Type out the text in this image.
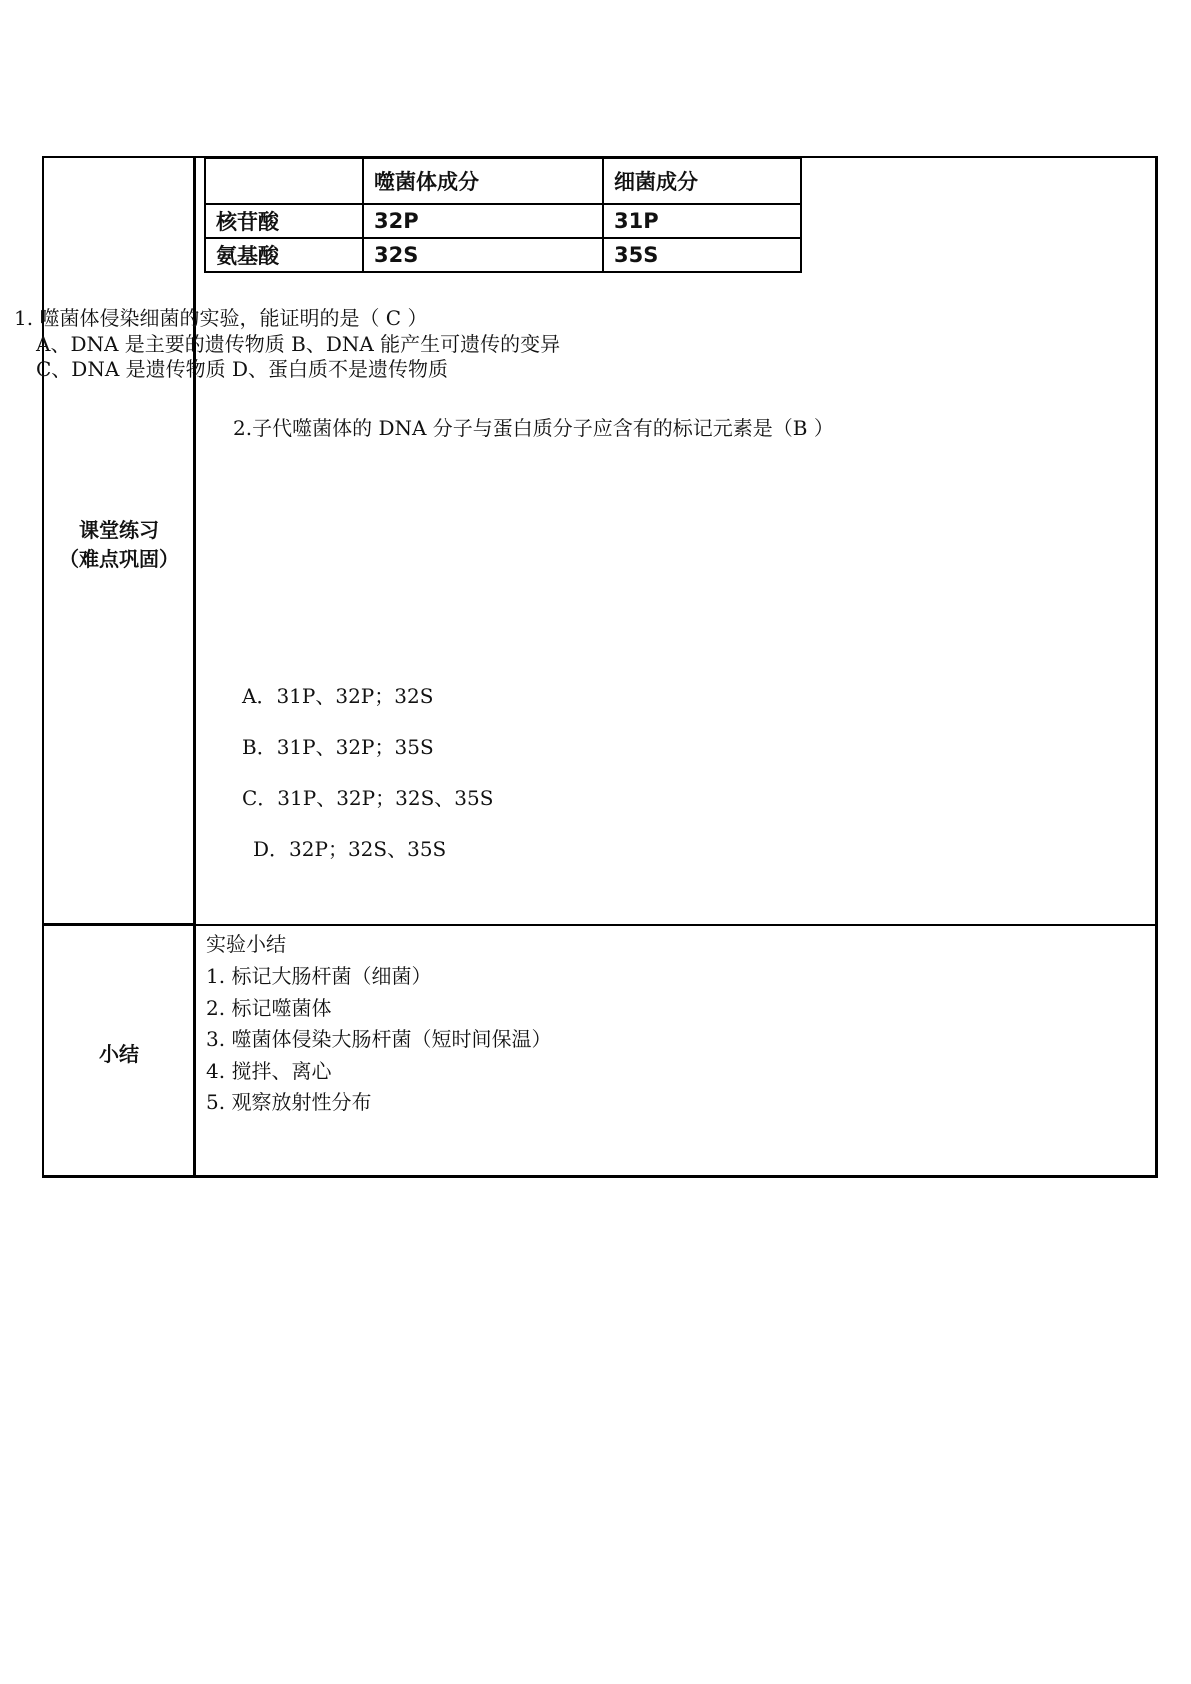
	噬菌体成分	细菌成分
核苷酸	32P	31P
氨基酸	32S	35S
1. 噬菌体侵染细菌的实验，能证明的是（ C ）
A、DNA 是主要的遗传物质 B、DNA 能产生可遗传的变异
C、DNA 是遗传物质 D、蛋白质不是遗传物质
2.子代噬菌体的 DNA 分子与蛋白质分子应含有的标记元素是（B ）
A．31P、32P；32S
B．31P、32P；35S
C．31P、32P；32S、35S
D．32P；32S、35S
课堂练习
（难点巩固）
小结
实验小结
1. 标记大肠杆菌（细菌）
2. 标记噬菌体
3. 噬菌体侵染大肠杆菌（短时间保温）
4. 搅拌、离心
5. 观察放射性分布
